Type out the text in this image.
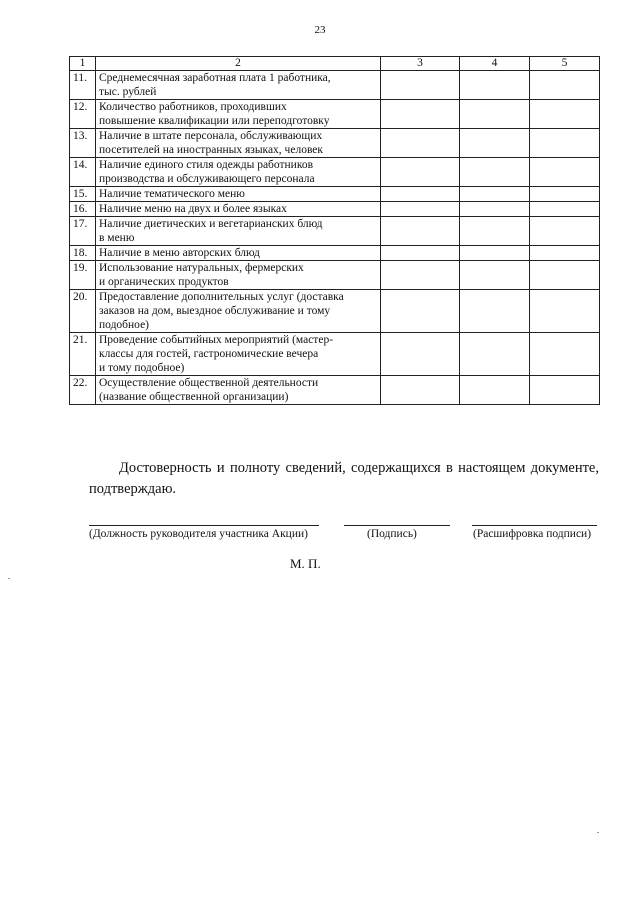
23
1	2	3	4	5
11.	Среднемесячная заработная плата 1 работника,
тыс. рублей			

12.	Количество работников, проходивших
повышение квалификации или переподготовку			

13.	Наличие в штате персонала, обслуживающих
посетителей на иностранных языках, человек			

14.	Наличие единого стиля одежды работников
производства и обслуживающего персонала			

15.	Наличие тематического меню			

16.	Наличие меню на двух и более языках			

17.	Наличие диетических и вегетарианских блюд
в меню			

18.	Наличие в меню авторских блюд			

19.	Использование натуральных, фермерских
и органических продуктов			

20.	Предоставление дополнительных услуг (доставка
заказов на дом, выездное обслуживание и тому
подобное)			

21.	Проведение событийных мероприятий (мастер-
классы для гостей, гастрономические вечера
и тому подобное)			

22.	Осуществление общественной деятельности
(название общественной организации)			

Достоверность и полноту сведений, содержащихся в настоящем документе, подтверждаю.
(Должность руководителя участника Акции)	(Подпись)	(Расшифровка подписи)
М. П.
